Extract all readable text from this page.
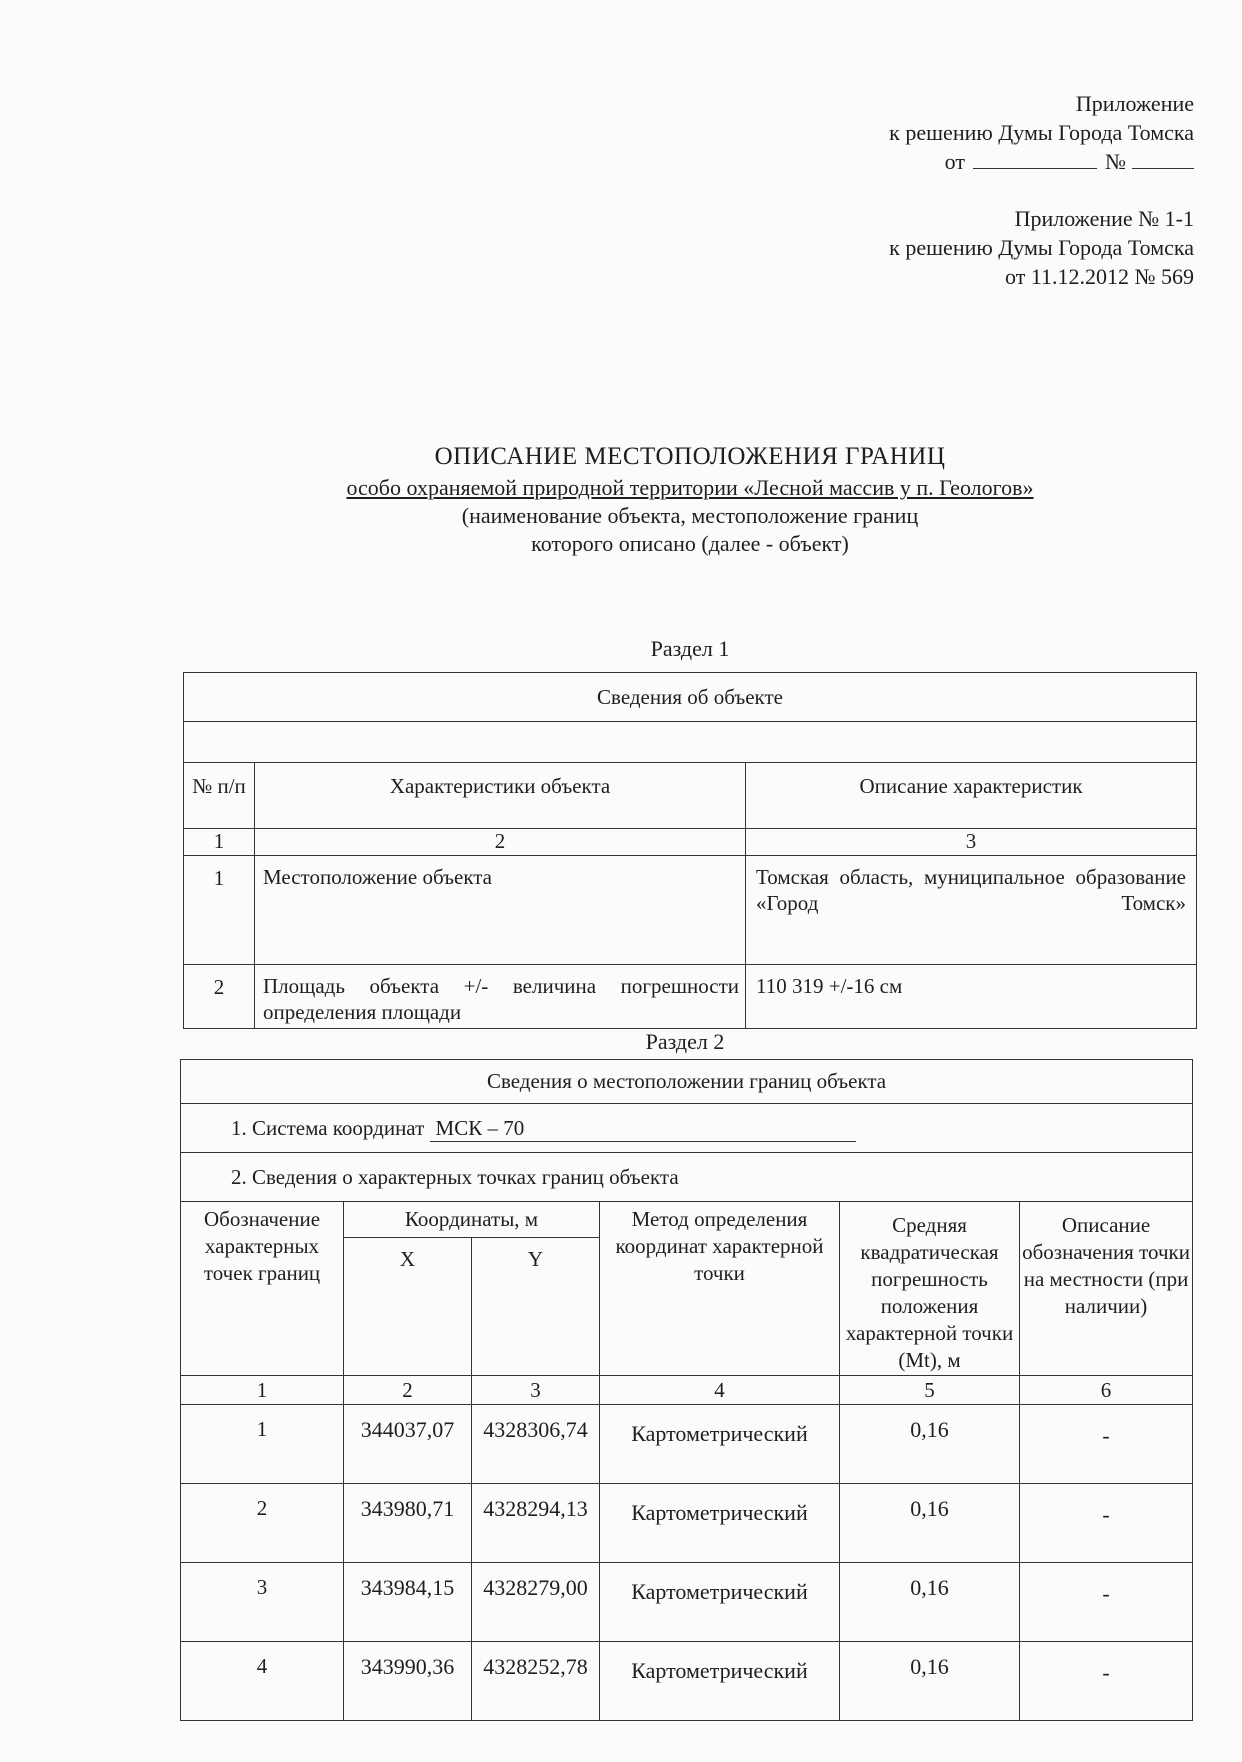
Приложение
к решению Думы Города Томска
от	№
Приложение № 1-1
к решению Думы Города Томска
от 11.12.2012 № 569
ОПИСАНИЕ МЕСТОПОЛОЖЕНИЯ ГРАНИЦ
особо охраняемой природной территории «Лесной массив у п. Геологов»
(наименование объекта, местоположение границ
которого описано (далее - объект)
Раздел 1
Сведения об объекте		

№ п/п	Характеристики объекта	Описание характеристик
1	2	3
1	Местоположение объекта	Томская область, муниципальное образование «Город Томск»
2	Площадь объекта +/- величина погрешности определения площади	110 319 +/-16 см
Раздел 2
Сведения о местоположении границ объекта					
1. Система координат МСК – 70					
2. Сведения о характерных точках границ объекта					
Обозначение характерных точек границ	Координаты, м		Метод определения координат характерной точки	Средняя квадратическая погрешность положения характерной точки (Mt), м	Описание обозначения точки на местности (при наличии)
	X	Y			
1	2	3	4	5	6
1	344037,07	4328306,74	Картометрический	0,16	-
2	343980,71	4328294,13	Картометрический	0,16	-
3	343984,15	4328279,00	Картометрический	0,16	-
4	343990,36	4328252,78	Картометрический	0,16	-
